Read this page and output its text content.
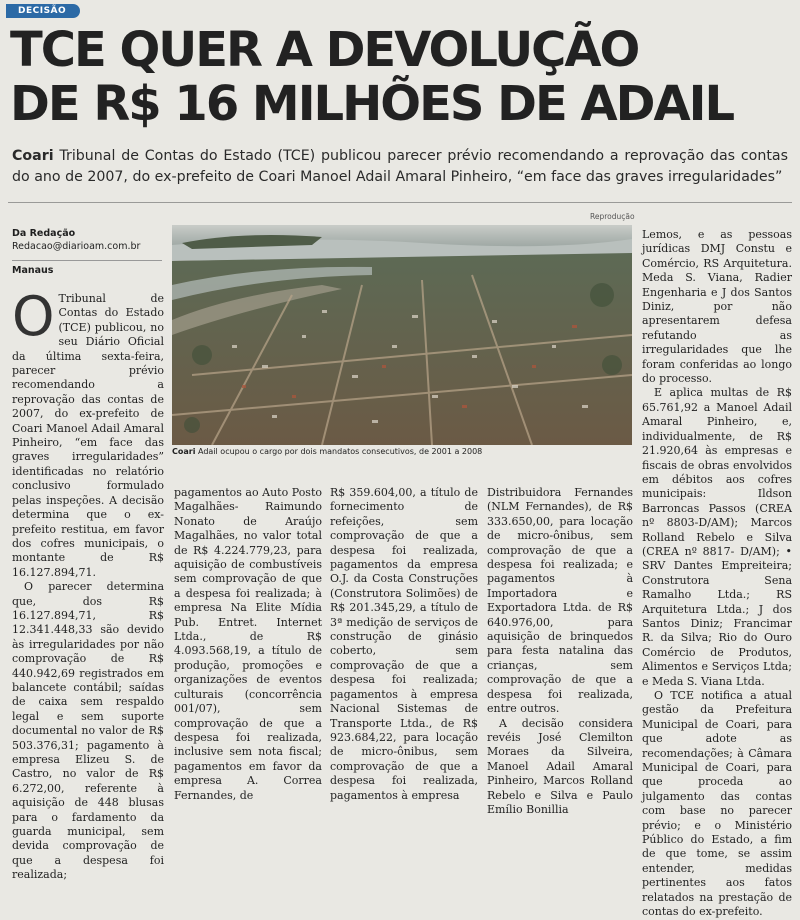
DECISÃO
TCE QUER A DEVOLUÇÃO
DE R$ 16 MILHÕES DE ADAIL

Coari Tribunal de Contas do Estado (TCE) publicou parecer prévio recomendando a reprovação das contas do ano de 2007, do ex-prefeito de Coari Manoel Adail Amaral Pinheiro, “em face das graves irregularidades”

Da Redação
Redacao@diarioam.com.br
Manaus
Reprodução
Coari Adail ocupou o cargo por dois mandatos consecutivos, de 2001 a 2008
O Tribunal de Contas do Estado (TCE) publicou, no seu Diário Oficial da última sexta-feira, parecer prévio recomendando a reprovação das contas de 2007, do ex-prefeito de Coari Manoel Adail Amaral Pinheiro, “em face das graves irregularidades” identificadas no relatório conclusivo formulado pelas inspeções. A decisão determina que o ex-prefeito restitua, em favor dos cofres municipais, o montante de R$ 16.127.894,71.

O parecer determina que, dos R$ 16.127.894,71, R$ 12.341.448,33 são devido às irregularidades por não comprovação de R$ 440.942,69 registrados em balancete contábil; saídas de caixa sem respaldo legal e sem suporte documental no valor de R$ 503.376,31; pagamento à empresa Elizeu S. de Castro, no valor de R$ 6.272,00, referente à aquisição de 448 blusas para o fardamento da guarda municipal, sem devida comprovação de que a despesa foi realizada;

pagamentos ao Auto Posto Magalhães- Raimundo Nonato de Araújo Magalhães, no valor total de R$ 4.224.779,23, para aquisição de combustíveis sem comprovação de que a despesa foi realizada; à empresa Na Elite Mídia Pub. Entret. Internet Ltda., de R$ 4.093.568,19, a título de produção, promoções e organizações de eventos culturais (concorrência 001/07), sem comprovação de que a despesa foi realizada, inclusive sem nota fiscal; pagamentos em favor da empresa A. Correa Fernandes, de

R$ 359.604,00, a título de fornecimento de refeições, sem comprovação de que a despesa foi realizada, pagamentos da empresa O.J. da Costa Construções (Construtora Solimões) de R$ 201.345,29, a título de 3ª medição de serviços de construção de ginásio coberto, sem comprovação de que a despesa foi realizada; pagamentos à empresa Nacional Sistemas de Transporte Ltda., de R$ 923.684,22, para locação de micro-ônibus, sem comprovação de que a despesa foi realizada, pagamentos à empresa

Distribuidora Fernandes (NLM Fernandes), de R$ 333.650,00, para locação de micro-ônibus, sem comprovação de que a despesa foi realizada; e pagamentos à Importadora e Exportadora Ltda. de R$ 640.976,00, para aquisição de brinquedos para festa natalina das crianças, sem comprovação de que a despesa foi realizada, entre outros.

A decisão considera revéis José Clemilton Moraes da Silveira, Manoel Adail Amaral Pinheiro, Marcos Rolland Rebelo e Silva e Paulo Emílio Bonillia

Lemos, e as pessoas jurídicas DMJ Constu e Comércio, RS Arquitetura. Meda S. Viana, Radier Engenharia e J dos Santos Diniz, por não apresentarem defesa refutando as irregularidades que lhe foram conferidas ao longo do processo.

E aplica multas de R$ 65.761,92 a Manoel Adail Amaral Pinheiro, e, individualmente, de R$ 21.920,64 às empresas e fiscais de obras envolvidos em débitos aos cofres municipais: Ildson Barroncas Passos (CREA nº 8803-D/AM); Marcos Rolland Rebelo e Silva (CREA nº 8817- D/AM); • SRV Dantes Empreiteira; Construtora Sena Ramalho Ltda.; RS Arquitetura Ltda.; J dos Santos Diniz; Francimar R. da Silva; Rio do Ouro Comércio de Produtos, Alimentos e Serviços Ltda; e Meda S. Viana Ltda.

O TCE notifica a atual gestão da Prefeitura Municipal de Coari, para que adote as recomendações; à Câmara Municipal de Coari, para que proceda ao julgamento das contas com base no parecer prévio; e o Ministério Público do Estado, a fim de que tome, se assim entender, medidas pertinentes aos fatos relatados na prestação de contas do ex-prefeito.
